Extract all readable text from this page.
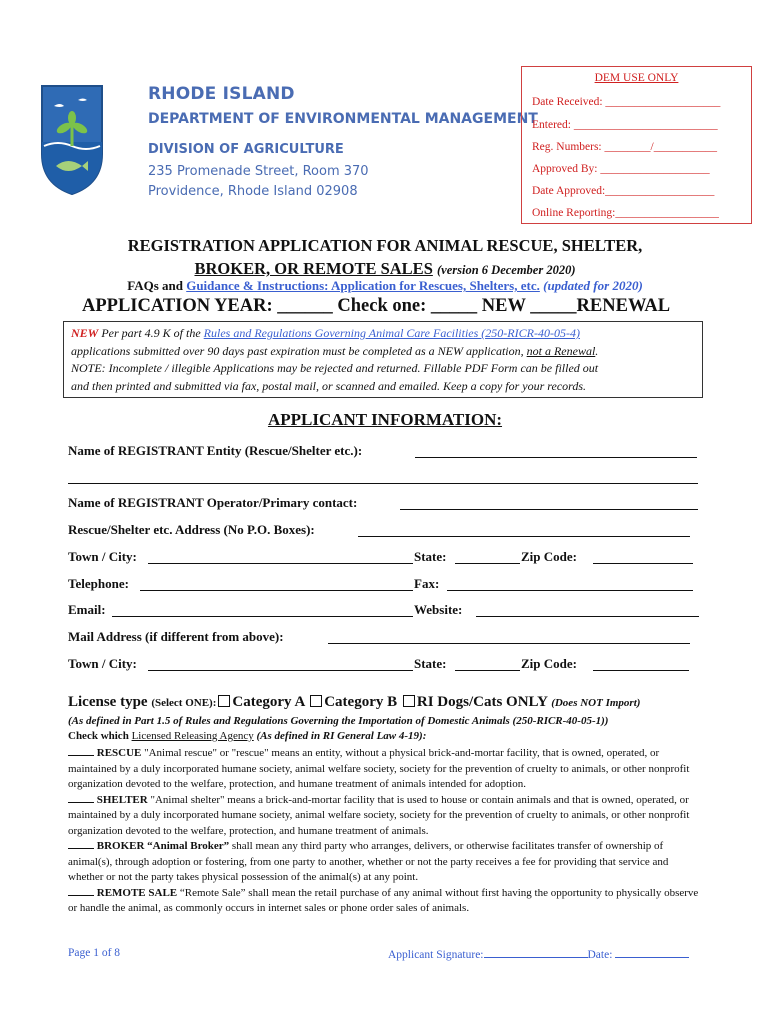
RHODE ISLAND
DEPARTMENT OF ENVIRONMENTAL MANAGEMENT
DIVISION OF AGRICULTURE
235 Promenade Street, Room 370
Providence, Rhode Island 02908
DEM USE ONLY
Date Received: ____________________
Entered: _________________________
Reg. Numbers: ________/___________
Approved By: ___________________
Date Approved:___________________
Online Reporting:__________________
REGISTRATION APPLICATION FOR ANIMAL RESCUE, SHELTER,
BROKER, OR REMOTE SALES (version 6 December 2020)
FAQs and Guidance & Instructions: Application for Rescues, Shelters, etc. (updated for 2020)
APPLICATION YEAR: ______ Check one: _____ NEW _____RENEWAL
NEW Per part 4.9 K of the Rules and Regulations Governing Animal Care Facilities (250-RICR-40-05-4)
applications submitted over 90 days past expiration must be completed as a NEW application, not a Renewal.
NOTE: Incomplete / illegible Applications may be rejected and returned. Fillable PDF Form can be filled out
and then printed and submitted via fax, postal mail, or scanned and emailed. Keep a copy for your records.
APPLICANT INFORMATION:
Name of REGISTRANT Entity (Rescue/Shelter etc.):
Name of REGISTRANT Operator/Primary contact:
Rescue/Shelter etc. Address (No P.O. Boxes):
Town / City:	State:	Zip Code:
Telephone:	Fax:
Email:	Website:
Mail Address (if different from above):
Town / City:	State:	Zip Code:
License type (Select ONE): Category A Category B RI Dogs/Cats ONLY (Does NOT Import)
(As defined in Part 1.5 of Rules and Regulations Governing the Importation of Domestic Animals (250-RICR-40-05-1))
Check which Licensed Releasing Agency (As defined in RI General Law 4-19):

RESCUE "Animal rescue" or "rescue" means an entity, without a physical brick-and-mortar facility, that is owned, operated, or maintained by a duly incorporated humane society, animal welfare society, society for the prevention of cruelty to animals, or other nonprofit organization devoted to the welfare, protection, and humane treatment of animals intended for adoption.

SHELTER "Animal shelter" means a brick-and-mortar facility that is used to house or contain animals and that is owned, operated, or maintained by a duly incorporated humane society, animal welfare society, society for the prevention of cruelty to animals, or other nonprofit organization devoted to the welfare, protection, and humane treatment of animals.

BROKER “Animal Broker” shall mean any third party who arranges, delivers, or otherwise facilitates transfer of ownership of animal(s), through adoption or fostering, from one party to another, whether or not the party receives a fee for providing that service and whether or not the party takes physical possession of the animal(s) at any point.

REMOTE SALE “Remote Sale” shall mean the retail purchase of any animal without first having the opportunity to physically observe or handle the animal, as commonly occurs in internet sales or phone order sales of animals.

Page 1 of 8	Applicant Signature:	Date:
